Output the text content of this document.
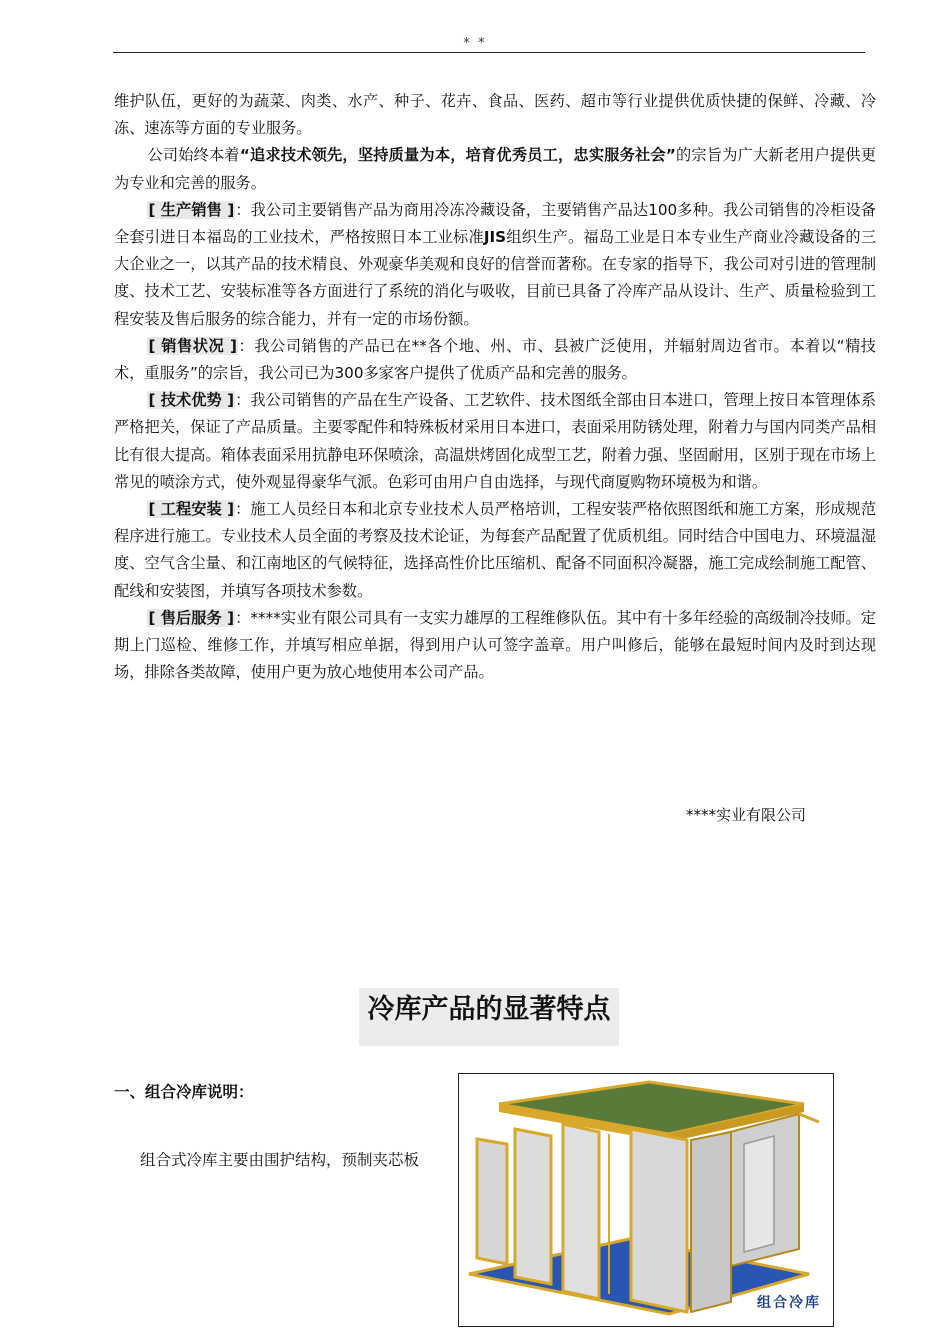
* *

维护队伍，更好的为蔬菜、肉类、水产、种子、花卉、食品、医药、超市等行业提供优质快捷的保鲜、冷藏、冷冻、速冻等方面的专业服务。

公司始终本着“追求技术领先，坚持质量为本，培育优秀员工，忠实服务社会”的宗旨为广大新老用户提供更为专业和完善的服务。

[ 生产销售 ]：我公司主要销售产品为商用冷冻冷藏设备，主要销售产品达100多种。我公司销售的冷柜设备全套引进日本福岛的工业技术，严格按照日本工业标准JIS组织生产。福岛工业是日本专业生产商业冷藏设备的三大企业之一，以其产品的技术精良、外观豪华美观和良好的信誉而著称。在专家的指导下，我公司对引进的管理制度、技术工艺、安装标准等各方面进行了系统的消化与吸收，目前已具备了冷库产品从设计、生产、质量检验到工程安装及售后服务的综合能力，并有一定的市场份额。

[ 销售状况 ]：我公司销售的产品已在**各个地、州、市、县被广泛使用，并辐射周边省市。本着以“精技术，重服务”的宗旨，我公司已为300多家客户提供了优质产品和完善的服务。

[ 技术优势 ]：我公司销售的产品在生产设备、工艺软件、技术图纸全部由日本进口，管理上按日本管理体系严格把关，保证了产品质量。主要零配件和特殊板材采用日本进口，表面采用防锈处理，附着力与国内同类产品相比有很大提高。箱体表面采用抗静电环保喷涂，高温烘烤固化成型工艺，附着力强、坚固耐用，区别于现在市场上常见的喷涂方式，使外观显得豪华气派。色彩可由用户自由选择，与现代商厦购物环境极为和谐。

[ 工程安装 ]：施工人员经日本和北京专业技术人员严格培训，工程安装严格依照图纸和施工方案，形成规范程序进行施工。专业技术人员全面的考察及技术论证，为每套产品配置了优质机组。同时结合中国电力、环境温湿度、空气含尘量、和江南地区的气候特征，选择高性价比压缩机、配备不同面积冷凝器，施工完成绘制施工配管、配线和安装图，并填写各项技术参数。

[ 售后服务 ]：****实业有限公司具有一支实力雄厚的工程维修队伍。其中有十多年经验的高级制冷技师。定期上门巡检、维修工作，并填写相应单据，得到用户认可签字盖章。用户叫修后，能够在最短时间内及时到达现场，排除各类故障，使用户更为放心地使用本公司产品。

****实业有限公司
冷库产品的显著特点
一、组合冷库说明：
组合式冷库主要由围护结构，预制夹芯板
组合冷库
